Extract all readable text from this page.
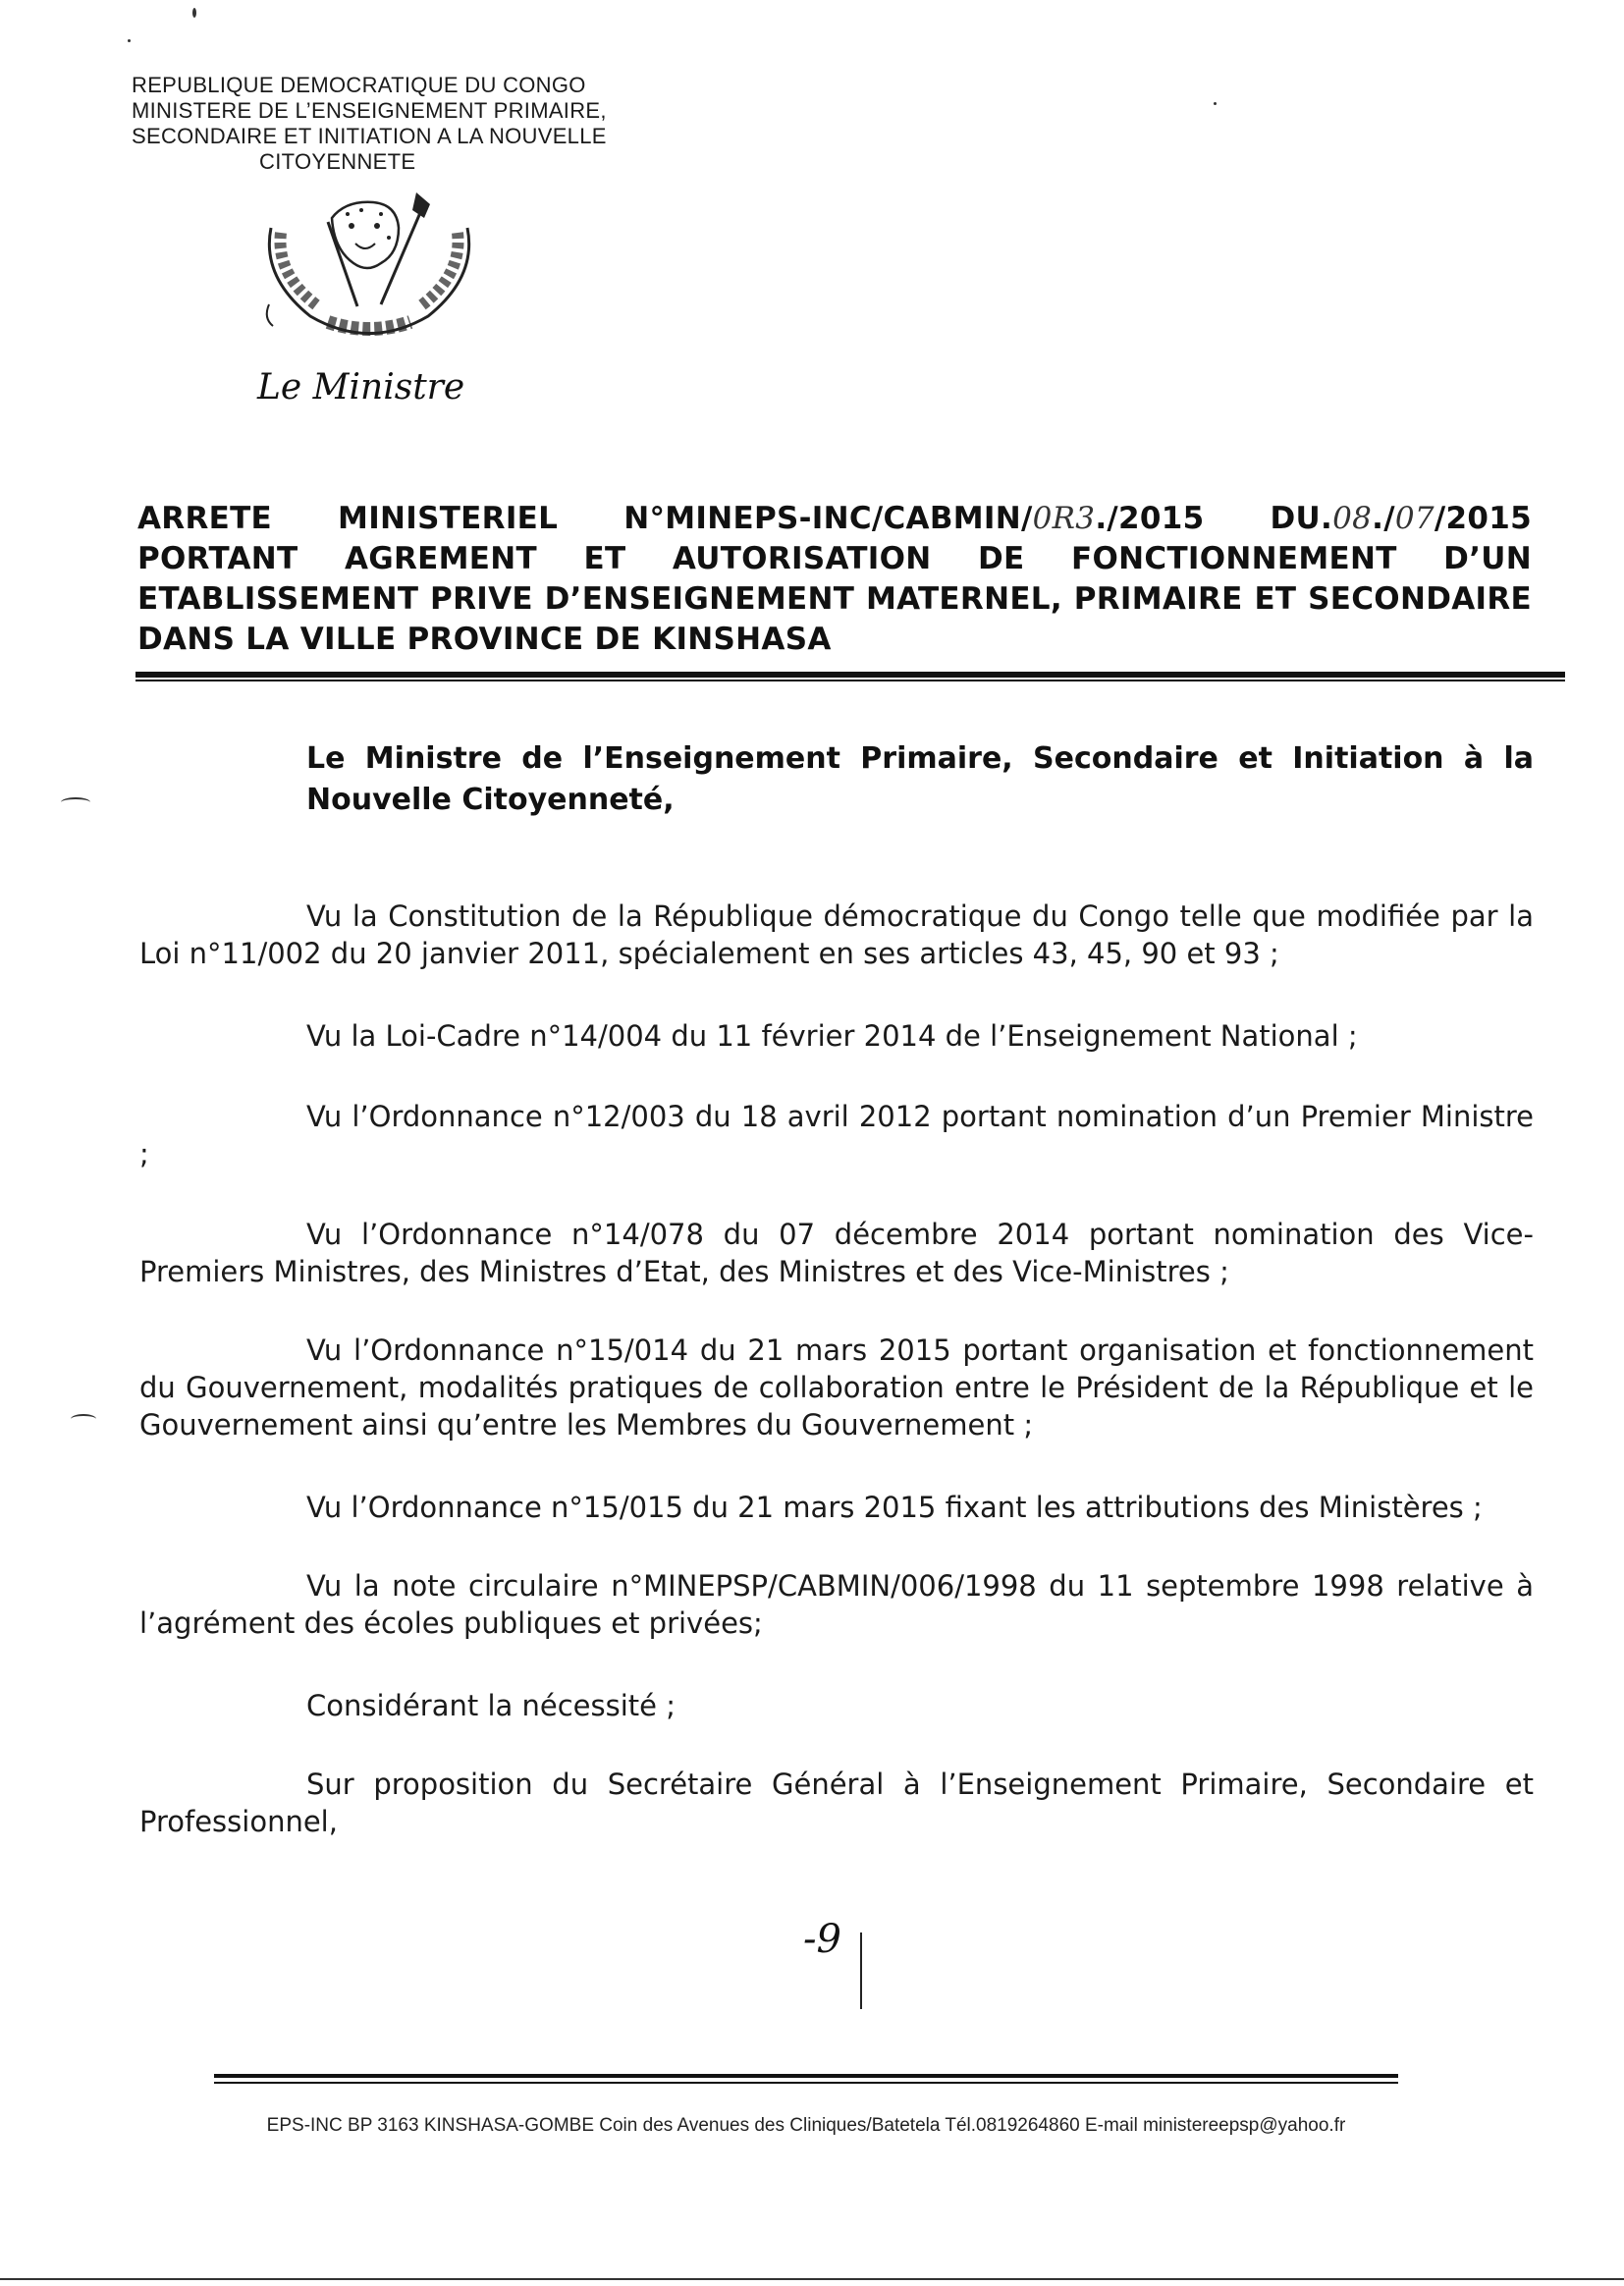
REPUBLIQUE DEMOCRATIQUE DU CONGO
MINISTERE DE L’ENSEIGNEMENT PRIMAIRE,
SECONDAIRE ET INITIATION A LA NOUVELLE
CITOYENNETE
Le Ministre
ARRETE MINISTERIEL N°MINEPS-INC/CABMIN/0R3./2015 DU.08./07/2015 PORTANT AGREMENT ET AUTORISATION DE FONCTIONNEMENT D’UN ETABLISSEMENT PRIVE D’ENSEIGNEMENT MATERNEL, PRIMAIRE ET SECONDAIRE DANS LA VILLE PROVINCE DE KINSHASA
Le Ministre de l’Enseignement Primaire, Secondaire et Initiation à la Nouvelle Citoyenneté,
Vu la Constitution de la République démocratique du Congo telle que modifiée par la Loi n°11/002 du 20 janvier 2011, spécialement en ses articles 43, 45, 90 et 93 ;
Vu la Loi-Cadre n°14/004 du 11 février 2014 de l’Enseignement National ;
Vu l’Ordonnance n°12/003 du 18 avril 2012 portant nomination d’un Premier Ministre ;
Vu l’Ordonnance n°14/078 du 07 décembre 2014 portant nomination des Vice-Premiers Ministres, des Ministres d’Etat, des Ministres et des Vice-Ministres ;
Vu l’Ordonnance n°15/014 du 21 mars 2015 portant organisation et fonctionnement du Gouvernement, modalités pratiques de collaboration entre le Président de la République et le Gouvernement ainsi qu’entre les Membres du Gouvernement ;
Vu l’Ordonnance n°15/015 du 21 mars 2015 fixant les attributions des Ministères ;
Vu la note circulaire n°MINEPSP/CABMIN/006/1998 du 11 septembre 1998 relative à l’agrément des écoles publiques et privées;
Considérant la nécessité ;
Sur proposition du Secrétaire Général à l’Enseignement Primaire, Secondaire et Professionnel,
-9
EPS-INC BP 3163 KINSHASA-GOMBE Coin des Avenues des Cliniques/Batetela Tél.0819264860 E-mail ministereepsp@yahoo.fr
